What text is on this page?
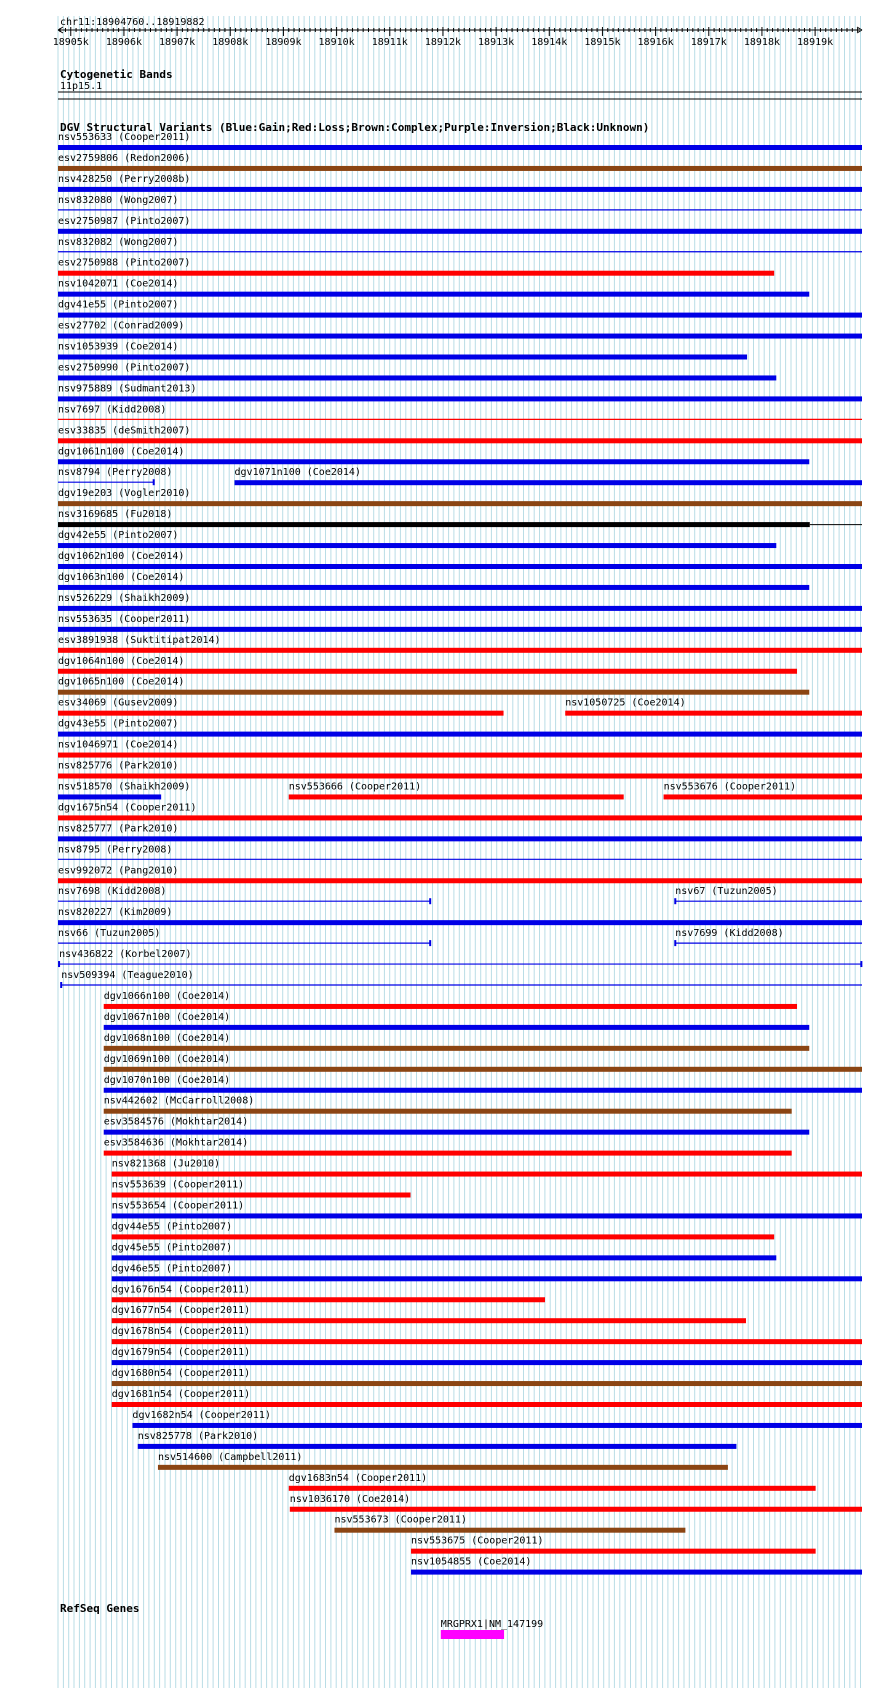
chr11:18904760..18919882
18905k 18906k 18907k 18908k 18909k 18910k 18911k 18912k 18913k 18914k 18915k 18916k 18917k 18918k 18919k
Cytogenetic Bands
11p15.1
DGV Structural Variants (Blue:Gain;Red:Loss;Brown:Complex;Purple:Inversion;Black:Unknown)
nsv553633 (Cooper2011)
esv2759806 (Redon2006)
nsv428250 (Perry2008b)
nsv832080 (Wong2007)
esv2750987 (Pinto2007)
nsv832082 (Wong2007)
esv2750988 (Pinto2007)
nsv1042071 (Coe2014)
dgv41e55 (Pinto2007)
esv27702 (Conrad2009)
nsv1053939 (Coe2014)
esv2750990 (Pinto2007)
nsv975889 (Sudmant2013)
nsv7697 (Kidd2008)
esv33835 (deSmith2007)
dgv1061n100 (Coe2014)
nsv8794 (Perry2008)	dgv1071n100 (Coe2014)
dgv19e203 (Vogler2010)
nsv3169685 (Fu2018)
dgv42e55 (Pinto2007)
dgv1062n100 (Coe2014)
dgv1063n100 (Coe2014)
nsv526229 (Shaikh2009)
nsv553635 (Cooper2011)
esv3891938 (Suktitipat2014)
dgv1064n100 (Coe2014)
dgv1065n100 (Coe2014)
esv34069 (Gusev2009)	nsv1050725 (Coe2014)
dgv43e55 (Pinto2007)
nsv1046971 (Coe2014)
nsv825776 (Park2010)
nsv518570 (Shaikh2009)	nsv553666 (Cooper2011)	nsv553676 (Cooper2011)
dgv1675n54 (Cooper2011)
nsv825777 (Park2010)
nsv8795 (Perry2008)
esv992072 (Pang2010)
nsv7698 (Kidd2008)	nsv67 (Tuzun2005)
nsv820227 (Kim2009)
nsv66 (Tuzun2005)	nsv7699 (Kidd2008)
nsv436822 (Korbel2007)
nsv509394 (Teague2010)
dgv1066n100 (Coe2014)
dgv1067n100 (Coe2014)
dgv1068n100 (Coe2014)
dgv1069n100 (Coe2014)
dgv1070n100 (Coe2014)
nsv442602 (McCarroll2008)
esv3584576 (Mokhtar2014)
esv3584636 (Mokhtar2014)
nsv821368 (Ju2010)
nsv553639 (Cooper2011)
nsv553654 (Cooper2011)
dgv44e55 (Pinto2007)
dgv45e55 (Pinto2007)
dgv46e55 (Pinto2007)
dgv1676n54 (Cooper2011)
dgv1677n54 (Cooper2011)
dgv1678n54 (Cooper2011)
dgv1679n54 (Cooper2011)
dgv1680n54 (Cooper2011)
dgv1681n54 (Cooper2011)
dgv1682n54 (Cooper2011)
nsv825778 (Park2010)
nsv514600 (Campbell2011)
dgv1683n54 (Cooper2011)
nsv1036170 (Coe2014)
nsv553673 (Cooper2011)
nsv553675 (Cooper2011)
nsv1054855 (Coe2014)
RefSeq Genes
MRGPRX1|NM_147199
